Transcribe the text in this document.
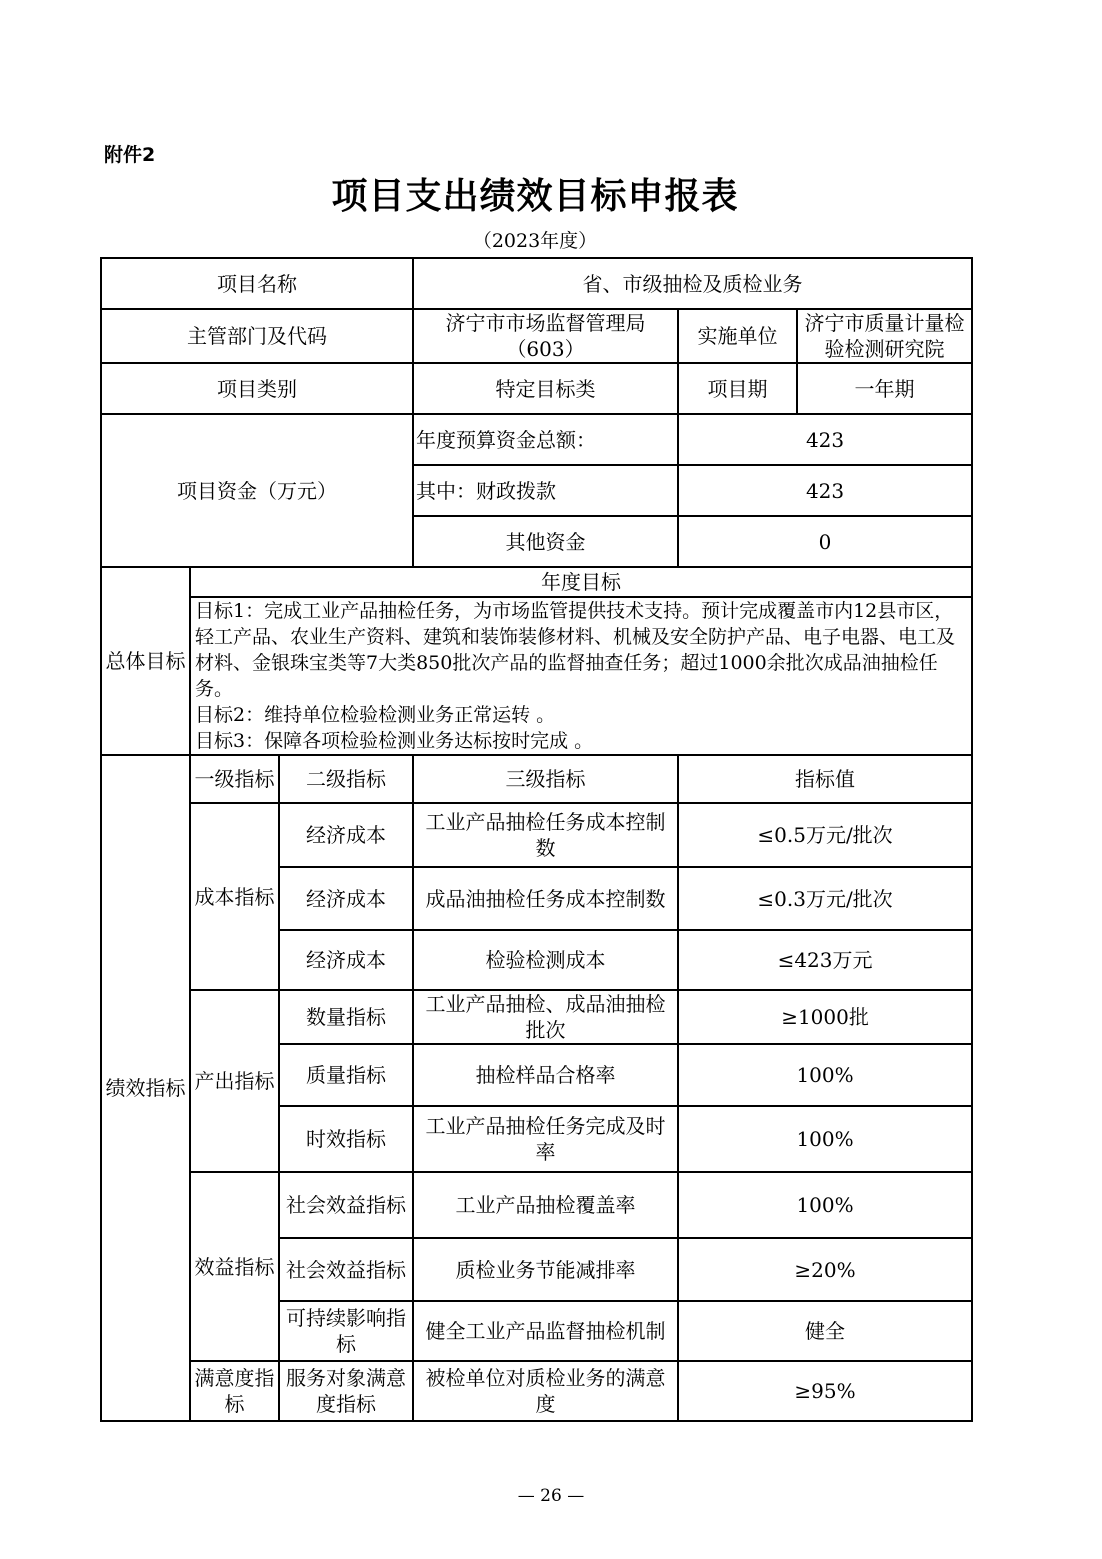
附件2
项目支出绩效目标申报表
（2023年度）
项目名称			省、市级抽检及质检业务		
主管部门及代码			济宁市市场监督管理局（603）	实施单位	济宁市质量计量检验检测研究院
项目类别			特定目标类	项目期	一年期
项目资金（万元）			年度预算资金总额：	423	
			其中：财政拨款	423	
			其他资金	0	
总体目标	年度目标				

	目标1：完成工业产品抽检任务，为市场监管提供技术支持。预计完成覆盖市内12县市区，轻工产品、农业生产资料、建筑和装饰装修材料、机械及安全防护产品、电子电器、电工及材料、金银珠宝类等7大类850批次产品的监督抽查任务；超过1000余批次成品油抽检任务。
目标2：维持单位检验检测业务正常运转 。
目标3：保障各项检验检测业务达标按时完成 。				

绩效指标	一级指标	二级指标	三级指标	指标值	
	成本指标	经济成本	工业产品抽检任务成本控制数	≤0.5万元/批次	
		经济成本	成品油抽检任务成本控制数	≤0.3万元/批次	
		经济成本	检验检测成本	≤423万元	
	产出指标	数量指标	工业产品抽检、成品油抽检批次	≥1000批	
		质量指标	抽检样品合格率	100%	
		时效指标	工业产品抽检任务完成及时率	100%	
	效益指标	社会效益指标	工业产品抽检覆盖率	100%	
		社会效益指标	质检业务节能减排率	≥20%	
		可持续影响指标	健全工业产品监督抽检机制	健全	
	满意度指标	服务对象满意度指标	被检单位对质检业务的满意度	≥95%	
— 26 —
